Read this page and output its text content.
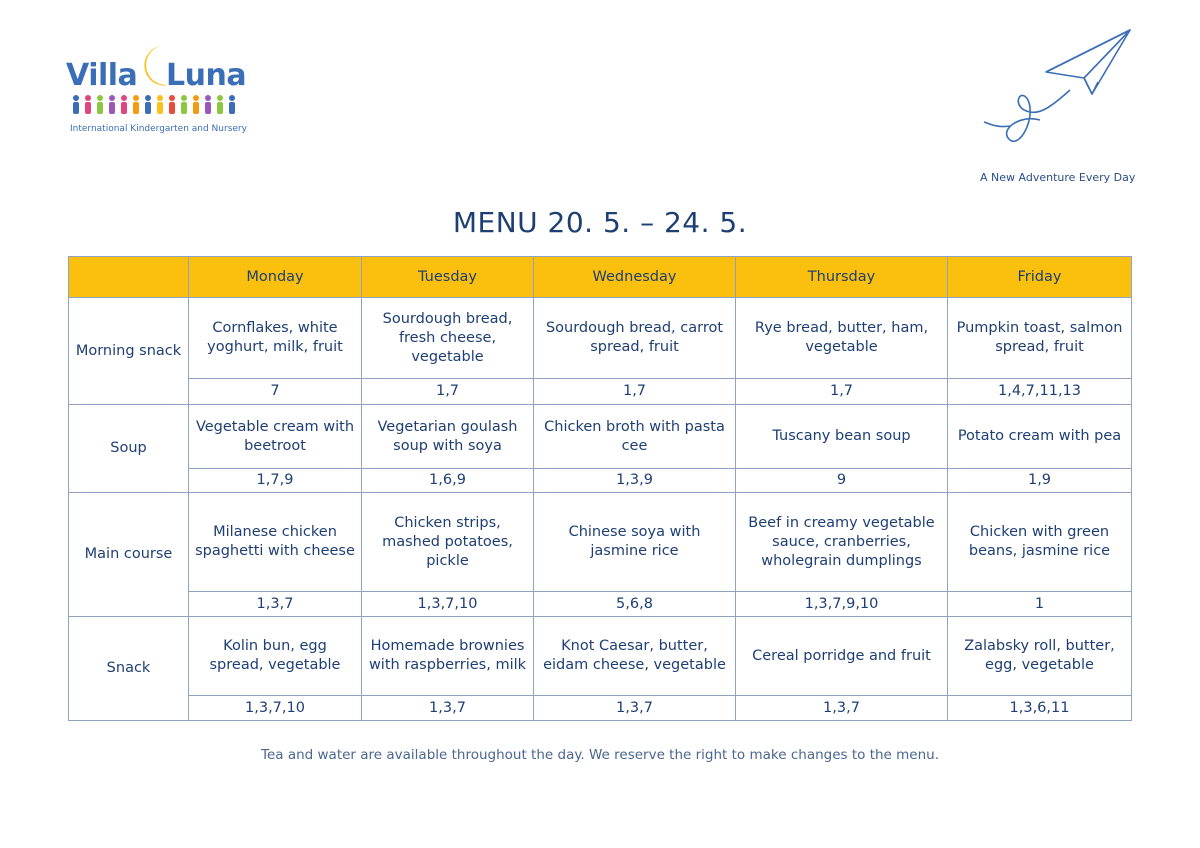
Villa Luna
International Kindergarten and Nursery
A New Adventure Every Day
MENU 20. 5. – 24. 5.
	Monday	Tuesday	Wednesday	Thursday	Friday
Morning snack	Cornflakes, white yoghurt, milk, fruit	Sourdough bread, fresh cheese, vegetable	Sourdough bread, carrot spread, fruit	Rye bread, butter, ham, vegetable	Pumpkin toast, salmon spread, fruit
	7	1,7	1,7	1,7	1,4,7,11,13
Soup	Vegetable cream with beetroot	Vegetarian goulash soup with soya	Chicken broth with pasta cee	Tuscany bean soup	Potato cream with pea
	1,7,9	1,6,9	1,3,9	9	1,9
Main course	Milanese chicken spaghetti with cheese	Chicken strips, mashed potatoes, pickle	Chinese soya with jasmine rice	Beef in creamy vegetable sauce, cranberries, wholegrain dumplings	Chicken with green beans, jasmine rice
	1,3,7	1,3,7,10	5,6,8	1,3,7,9,10	1
Snack	Kolin bun, egg spread, vegetable	Homemade brownies with raspberries, milk	Knot Caesar, butter, eidam cheese, vegetable	Cereal porridge and fruit	Zalabsky roll, butter, egg, vegetable
	1,3,7,10	1,3,7	1,3,7	1,3,7	1,3,6,11
Tea and water are available throughout the day. We reserve the right to make changes to the menu.
